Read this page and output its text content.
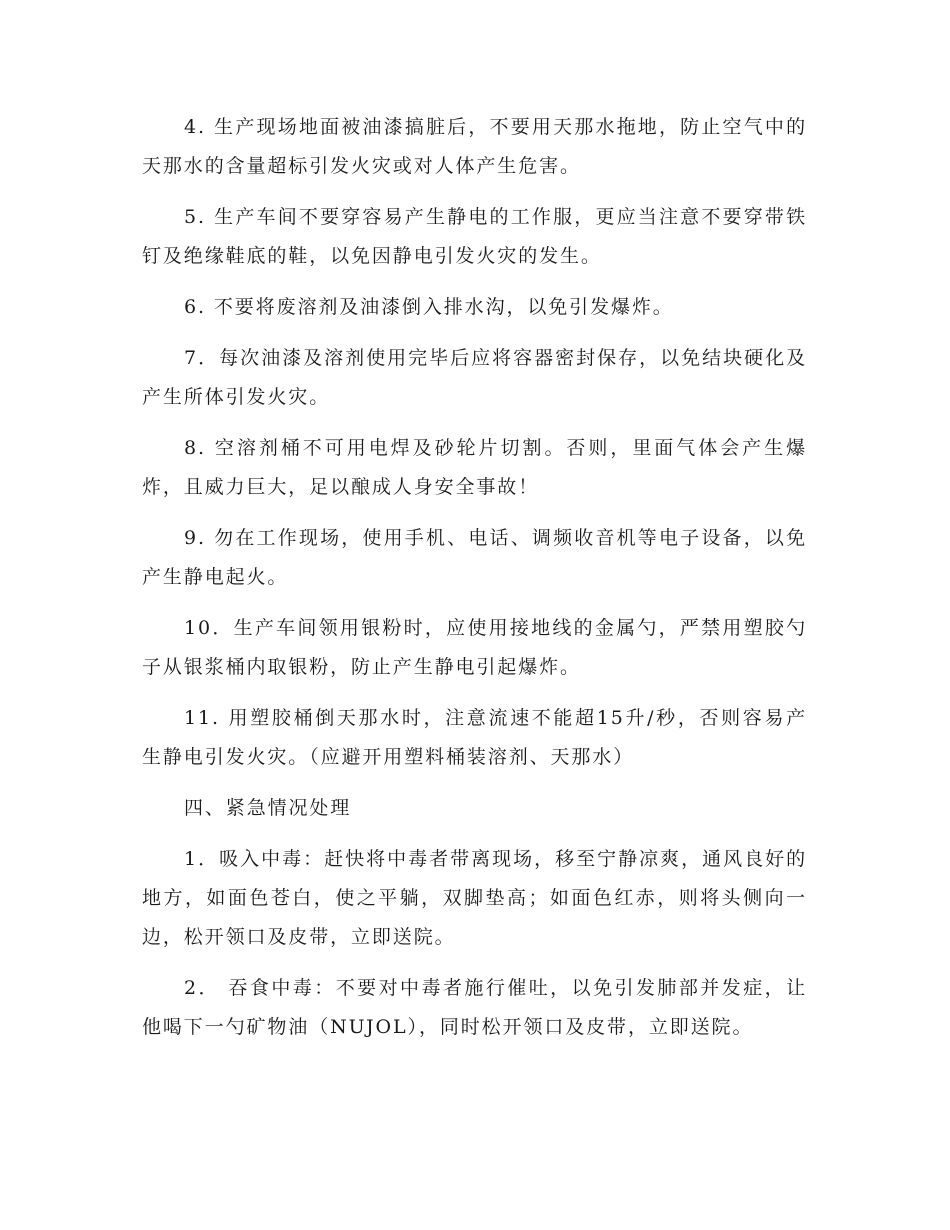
4. 生产现场地面被油漆搞脏后，不要用天那水拖地，防止空气中的天那水的含量超标引发火灾或对人体产生危害。

5. 生产车间不要穿容易产生静电的工作服，更应当注意不要穿带铁钉及绝缘鞋底的鞋，以免因静电引发火灾的发生。

6. 不要将废溶剂及油漆倒入排水沟，以免引发爆炸。

7．每次油漆及溶剂使用完毕后应将容器密封保存，以免结块硬化及产生所体引发火灾。

8. 空溶剂桶不可用电焊及砂轮片切割。否则，里面气体会产生爆炸，且威力巨大，足以酿成人身安全事故！

9. 勿在工作现场，使用手机、电话、调频收音机等电子设备，以免产生静电起火。

10．生产车间领用银粉时，应使用接地线的金属勺，严禁用塑胶勺子从银浆桶内取银粉，防止产生静电引起爆炸。

11. 用塑胶桶倒天那水时，注意流速不能超15升/秒，否则容易产生静电引发火灾。（应避开用塑料桶装溶剂、天那水）

四、紧急情况处理

1．吸入中毒：赶快将中毒者带离现场，移至宁静凉爽，通风良好的地方，如面色苍白，使之平躺，双脚垫高；如面色红赤，则将头侧向一边，松开领口及皮带，立即送院。

2． 吞食中毒：不要对中毒者施行催吐，以免引发肺部并发症，让他喝下一勺矿物油（NUJOL），同时松开领口及皮带，立即送院。
